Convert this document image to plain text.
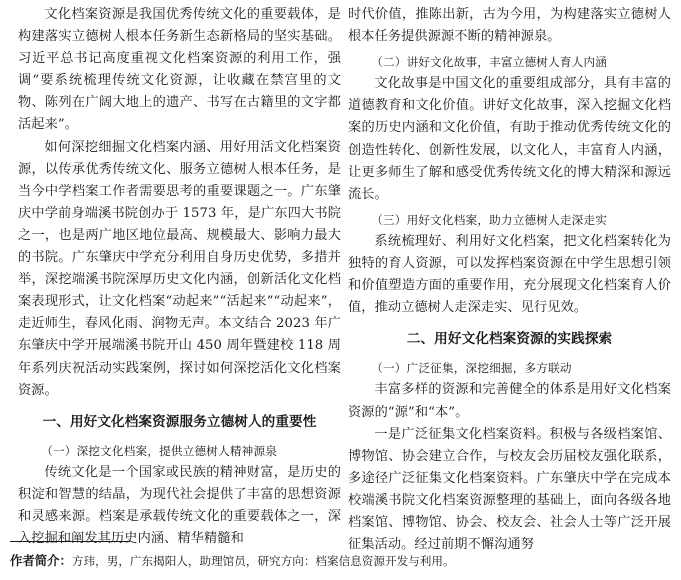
文化档案资源是我国优秀传统文化的重要载体，是构建落实立德树人根本任务新生态新格局的坚实基础。习近平总书记高度重视文化档案资源的利用工作，强调“要系统梳理传统文化资源，让收藏在禁宫里的文物、陈列在广阔大地上的遗产、书写在古籍里的文字都活起来”。

如何深挖细掘文化档案内涵、用好用活文化档案资源，以传承优秀传统文化、服务立德树人根本任务，是当今中学档案工作者需要思考的重要课题之一。广东肇庆中学前身端溪书院创办于 1573 年，是广东四大书院之一，也是两广地区地位最高、规模最大、影响力最大的书院。广东肇庆中学充分利用自身历史优势，多措并举，深挖端溪书院深厚历史文化内涵，创新活化文化档案表现形式，让文化档案“动起来”“活起来”“动起来”，走近师生，春风化雨、润物无声。本文结合 2023 年广东肇庆中学开展端溪书院开山 450 周年暨建校 118 周年系列庆祝活动实践案例，探讨如何深挖活化文化档案资源。

一、用好文化档案资源服务立德树人的重要性
（一）深挖文化档案，提供立德树人精神源泉

传统文化是一个国家或民族的精神财富，是历史的积淀和智慧的结晶，为现代社会提供了丰富的思想资源和灵感来源。档案是承载传统文化的重要载体之一，深入挖掘和阐发其历史内涵、精华精髓和

时代价值，推陈出新，古为今用，为构建落实立德树人根本任务提供源源不断的精神源泉。

（二）讲好文化故事，丰富立德树人育人内涵

文化故事是中国文化的重要组成部分，具有丰富的道德教育和文化价值。讲好文化故事，深入挖掘文化档案的历史内涵和文化价值，有助于推动优秀传统文化的创造性转化、创新性发展，以文化人，丰富育人内涵，让更多师生了解和感受优秀传统文化的博大精深和源远流长。

（三）用好文化档案，助力立德树人走深走实

系统梳理好、利用好文化档案，把文化档案转化为独特的育人资源，可以发挥档案资源在中学生思想引领和价值塑造方面的重要作用，充分展现文化档案育人价值，推动立德树人走深走实、见行见效。

二、用好文化档案资源的实践探索
（一）广泛征集，深挖细掘，多方联动

丰富多样的资源和完善健全的体系是用好文化档案资源的“源”和“本”。

一是广泛征集文化档案资料。积极与各级档案馆、博物馆、协会建立合作，与校友会历届校友强化联系，多途径广泛征集文化档案资料。广东肇庆中学在完成本校端溪书院文化档案资源整理的基础上，面向各级各地档案馆、博物馆、协会、校友会、社会人士等广泛开展征集活动。经过前期不懈沟通努

作者简介：方玮，男，广东揭阳人，助理馆员，研究方向：档案信息资源开发与利用。
